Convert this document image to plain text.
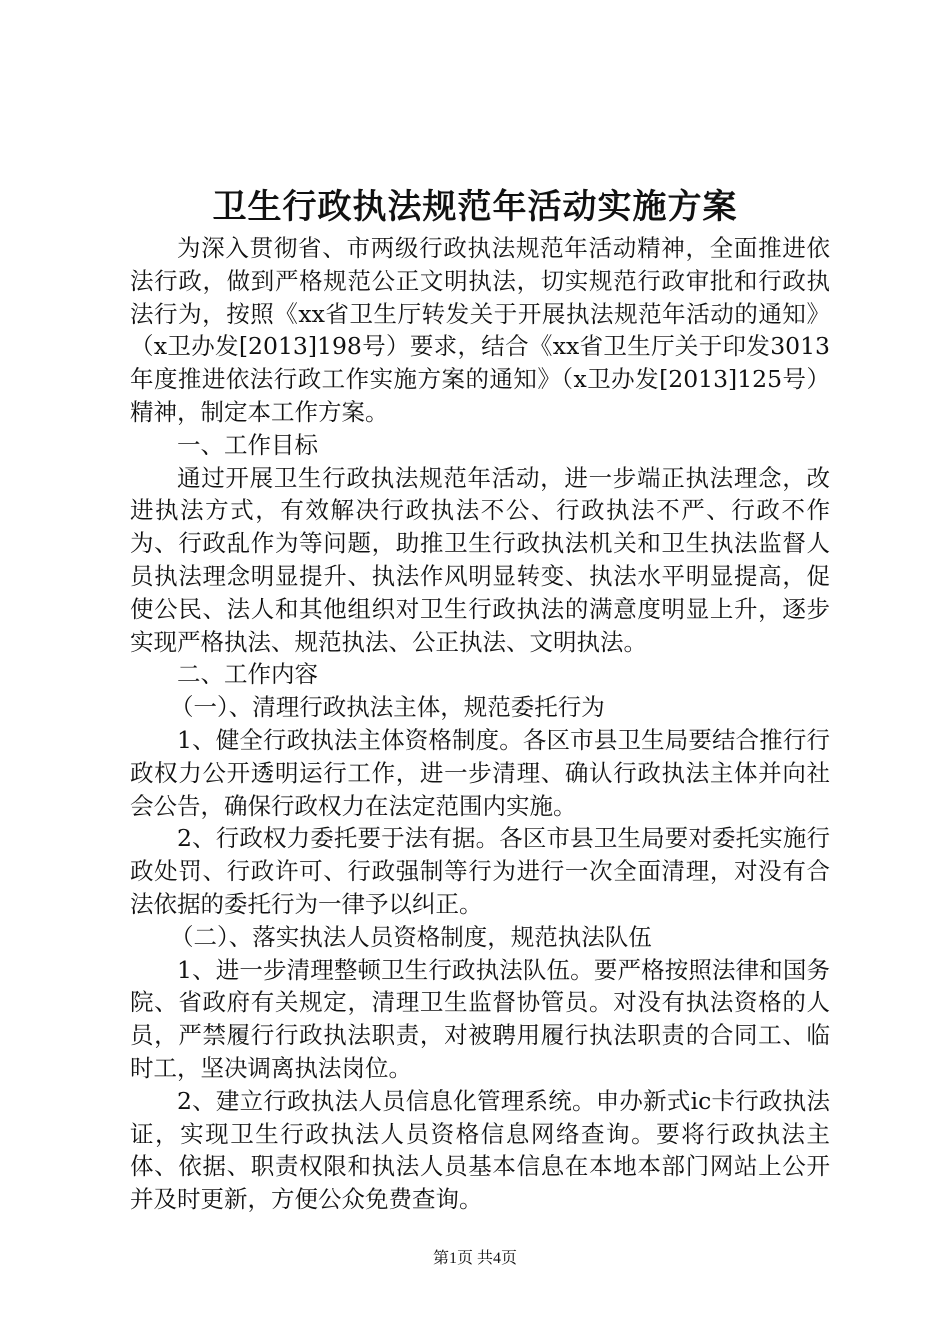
卫生行政执法规范年活动实施方案

为深入贯彻省、市两级行政执法规范年活动精神，全面推进依法行政，做到严格规范公正文明执法，切实规范行政审批和行政执法行为，按照《xx省卫生厅转发关于开展执法规范年活动的通知》（x卫办发[2013]198号）要求，结合《xx省卫生厅关于印发3013年度推进依法行政工作实施方案的通知》（x卫办发[2013]125号）精神，制定本工作方案。

一、工作目标

通过开展卫生行政执法规范年活动，进一步端正执法理念，改进执法方式，有效解决行政执法不公、行政执法不严、行政不作为、行政乱作为等问题，助推卫生行政执法机关和卫生执法监督人员执法理念明显提升、执法作风明显转变、执法水平明显提高，促使公民、法人和其他组织对卫生行政执法的满意度明显上升，逐步实现严格执法、规范执法、公正执法、文明执法。

二、工作内容

（一）、清理行政执法主体，规范委托行为

1、健全行政执法主体资格制度。各区市县卫生局要结合推行行政权力公开透明运行工作，进一步清理、确认行政执法主体并向社会公告，确保行政权力在法定范围内实施。

2、行政权力委托要于法有据。各区市县卫生局要对委托实施行政处罚、行政许可、行政强制等行为进行一次全面清理，对没有合法依据的委托行为一律予以纠正。

（二）、落实执法人员资格制度，规范执法队伍

1、进一步清理整顿卫生行政执法队伍。要严格按照法律和国务院、省政府有关规定，清理卫生监督协管员。对没有执法资格的人员，严禁履行行政执法职责，对被聘用履行执法职责的合同工、临时工，坚决调离执法岗位。

2、建立行政执法人员信息化管理系统。申办新式ic卡行政执法证，实现卫生行政执法人员资格信息网络查询。要将行政执法主体、依据、职责权限和执法人员基本信息在本地本部门网站上公开并及时更新，方便公众免费查询。

第1页 共4页
